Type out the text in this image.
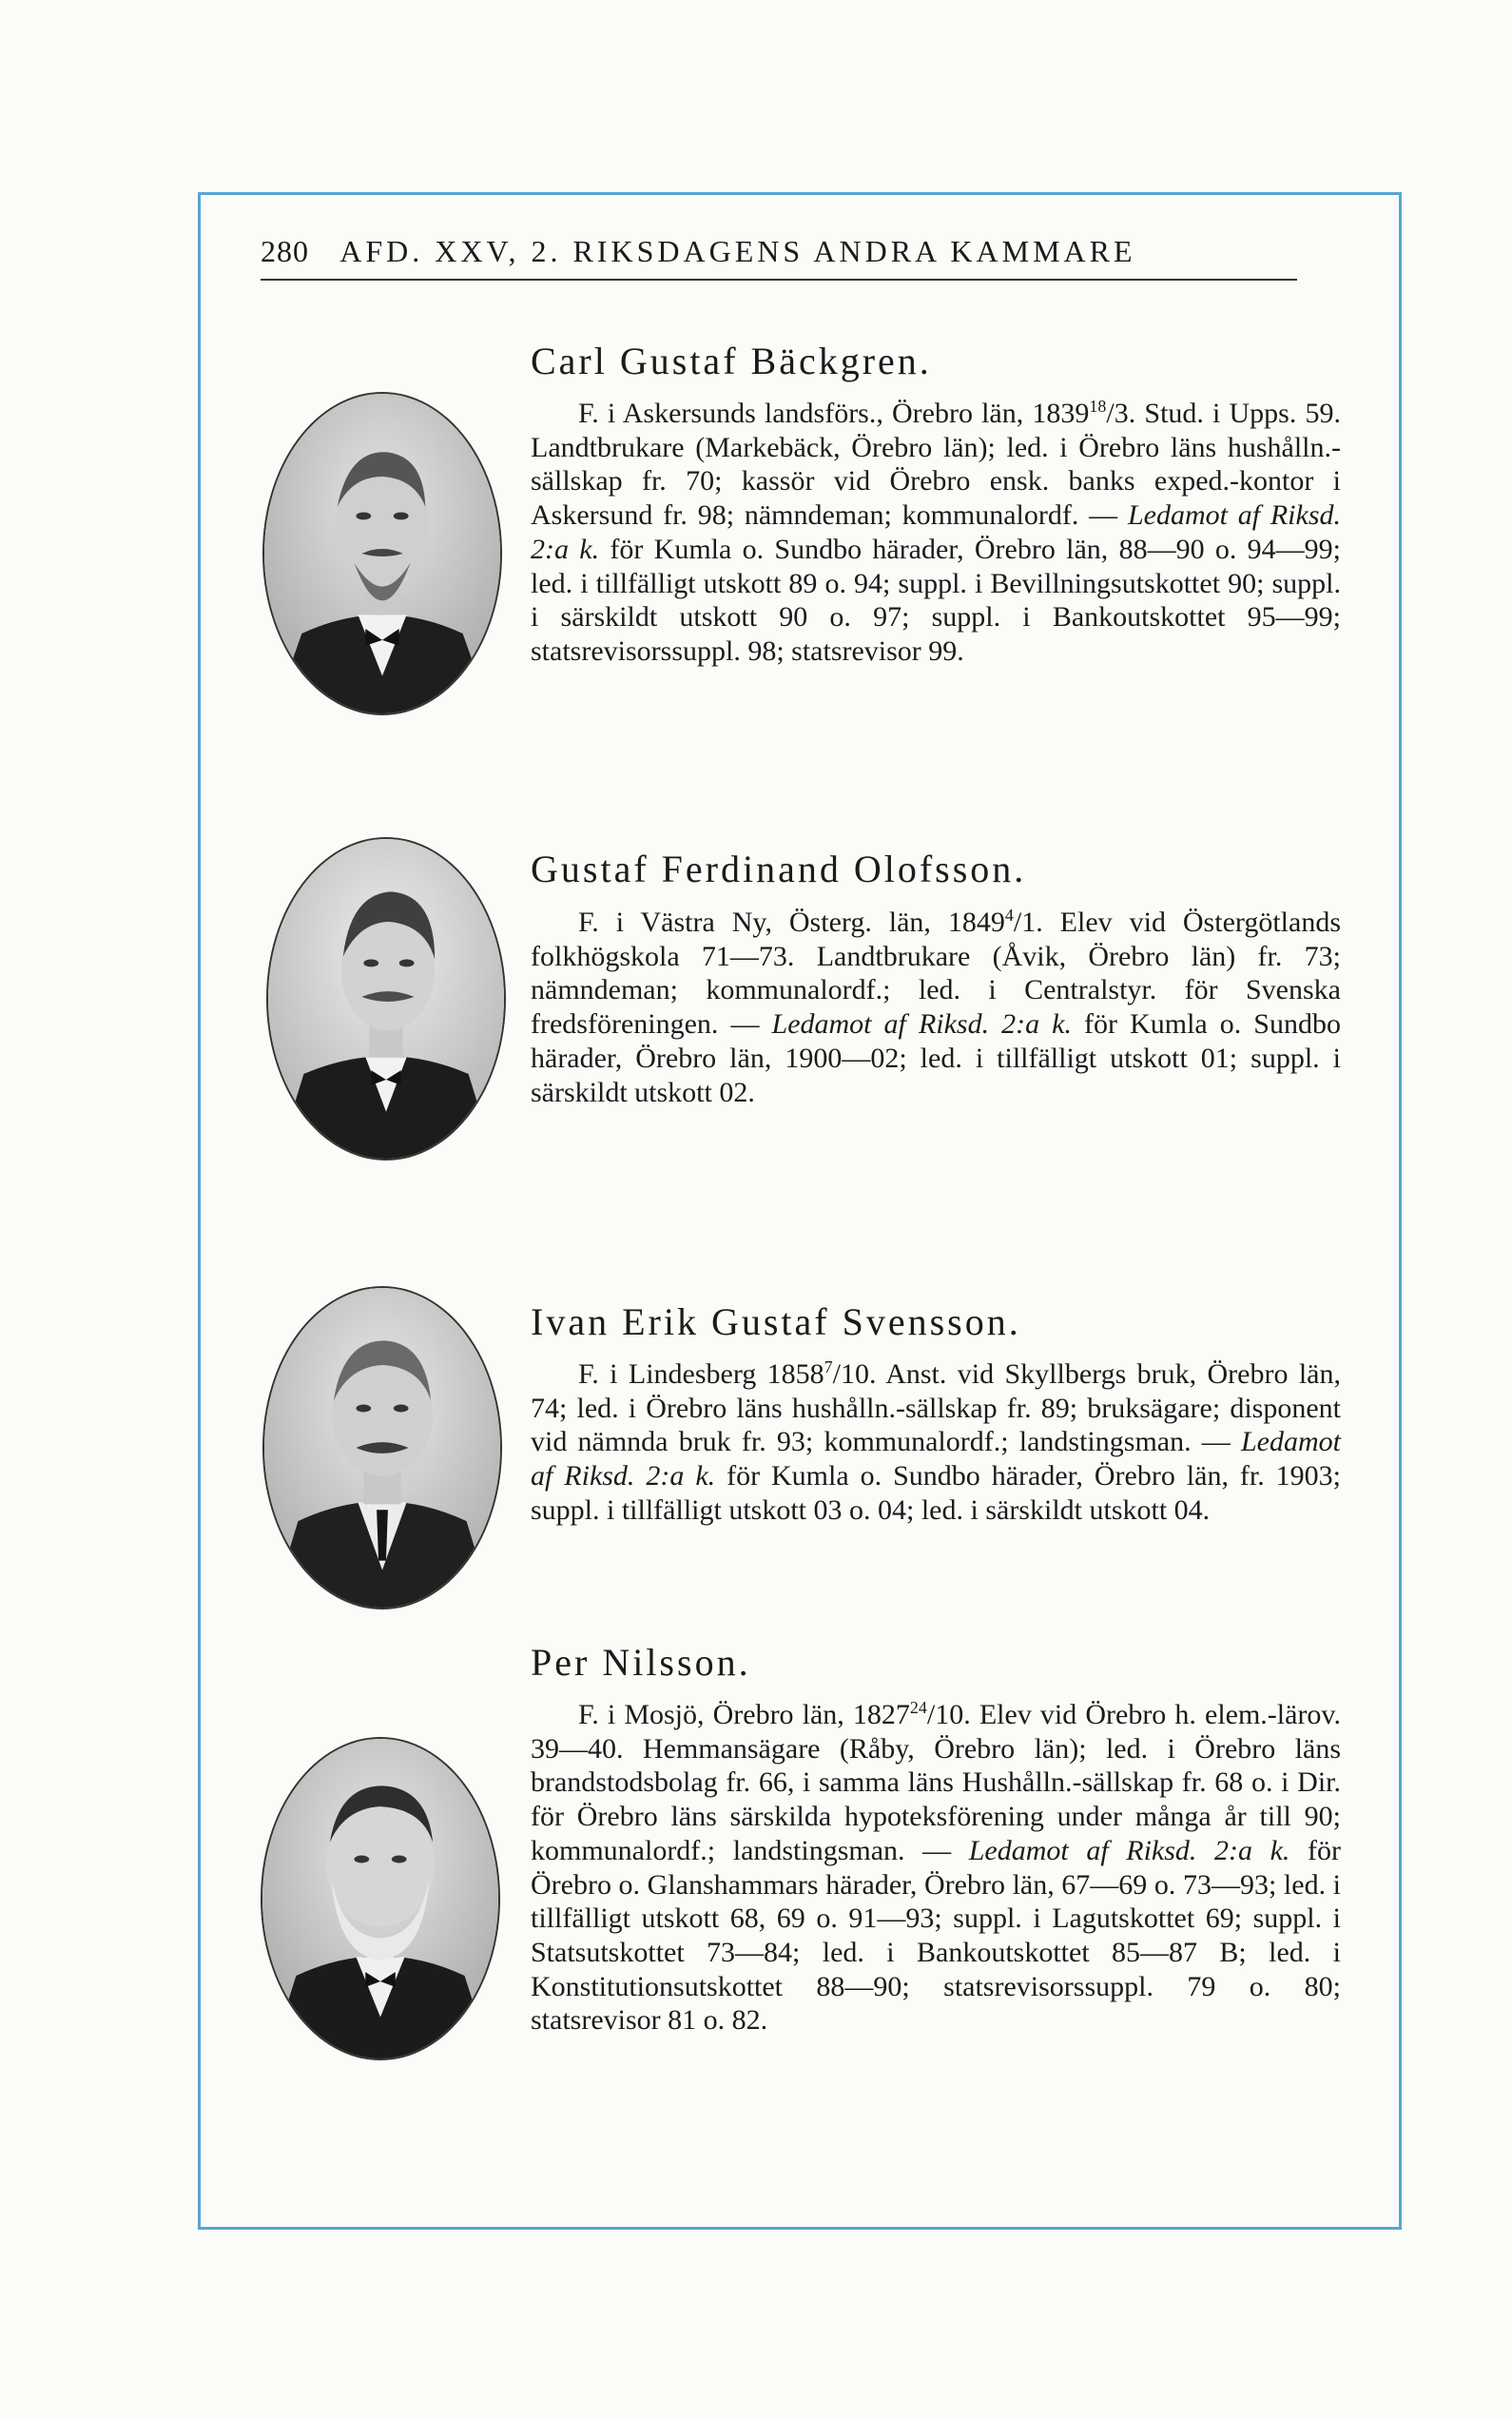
280 AFD. XXV, 2. RIKSDAGENS ANDRA KAMMARE
Carl Gustaf Bäckgren.
F. i Askersunds landsförs., Örebro län, 1839$^{18}$/3. Stud. i Upps. 59. Landtbrukare (Markebäck, Örebro län); led. i Örebro läns hushålln.-sällskap fr. 70; kassör vid Örebro ensk. banks exped.-kontor i Askersund fr. 98; nämndeman; kommunalordf. — Ledamot af Riksd. 2:a k. för Kumla o. Sundbo härader, Örebro län, 88—90 o. 94—99; led. i tillfälligt utskott 89 o. 94; suppl. i Bevillningsutskottet 90; suppl. i särskildt utskott 90 o. 97; suppl. i Bankoutskottet 95—99; statsrevisorssuppl. 98; statsrevisor 99.
Gustaf Ferdinand Olofsson.
F. i Västra Ny, Österg. län, 1849$^4$/1. Elev vid Östergötlands folkhögskola 71—73. Landtbrukare (Åvik, Örebro län) fr. 73; nämndeman; kommunalordf.; led. i Centralstyr. för Svenska fredsföreningen. — Ledamot af Riksd. 2:a k. för Kumla o. Sundbo härader, Örebro län, 1900—02; led. i tillfälligt utskott 01; suppl. i särskildt utskott 02.
Ivan Erik Gustaf Svensson.
F. i Lindesberg 1858$^7$/10. Anst. vid Skyllbergs bruk, Örebro län, 74; led. i Örebro läns hushålln.-sällskap fr. 89; bruksägare; disponent vid nämnda bruk fr. 93; kommunalordf.; landstingsman. — Ledamot af Riksd. 2:a k. för Kumla o. Sundbo härader, Örebro län, fr. 1903; suppl. i tillfälligt utskott 03 o. 04; led. i särskildt utskott 04.
Per Nilsson.
F. i Mosjö, Örebro län, 1827$^{24}$/10. Elev vid Örebro h. elem.-lärov. 39—40. Hemmansägare (Råby, Örebro län); led. i Örebro läns brandstodsbolag fr. 66, i samma läns Hushålln.-sällskap fr. 68 o. i Dir. för Örebro läns särskilda hypoteksförening under många år till 90; kommunalordf.; landstingsman. — Ledamot af Riksd. 2:a k. för Örebro o. Glanshammars härader, Örebro län, 67—69 o. 73—93; led. i tillfälligt utskott 68, 69 o. 91—93; suppl. i Lagutskottet 69; suppl. i Statsutskottet 73—84; led. i Bankoutskottet 85—87 B; led. i Konstitutionsutskottet 88—90; statsrevisorssuppl. 79 o. 80; statsrevisor 81 o. 82.
